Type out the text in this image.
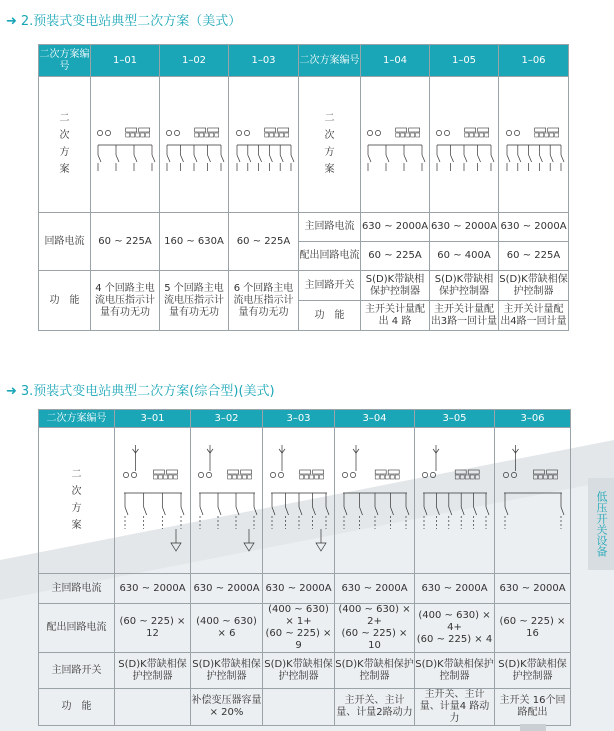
➜ 2.预装式变电站典型二次方案（美式）
二次方案编号	1–01	1–02	1–03

二
次
方
案

回路电流	60 ~ 225A	160 ~ 630A	60 ~ 225A
功　能	4 个回路主电流电压指示计量有功无功	5 个回路主电流电压指示计量有功无功	6 个回路主电流电压指示计量有功无功
二次方案编号	1–04	1–05	1–06

二
次
方
案

主回路电流	630 ~ 2000A	630 ~ 2000A	630 ~ 2000A
配出回路电流	60 ~ 225A	60 ~ 400A	60 ~ 225A
主回路开关	S(D)K带缺相保护控制器	S(D)K带缺相保护控制器	S(D)K带缺相保护控制器
功　能	主开关计量配出 4 路	主开关计量配出3路一回计量	主开关计量配出4路一回计量
➜ 3.预装式变电站典型二次方案(综合型)(美式)
二次方案编号	3–01	3–02	3–03	3–04	3–05	3–06

二
次
方
案

主回路电流	630 ~ 2000A	630 ~ 2000A	630 ~ 2000A	630 ~ 2000A	630 ~ 2000A	630 ~ 2000A
配出回路电流	(60 ~ 225) × 12	(400 ~ 630) × 6	(400 ~ 630) × 1+
(60 ~ 225) × 9	(400 ~ 630) × 2+
(60 ~ 225) × 10	(400 ~ 630) × 4+
(60 ~ 225) × 4	(60 ~ 225) × 16
主回路开关	S(D)K带缺相保护控制器	S(D)K带缺相保护控制器	S(D)K带缺相保护控制器	S(D)K带缺相保护控制器	S(D)K带缺相保护控制器	S(D)K带缺相保护控制器
功　能		补偿变压器容量 × 20%		主开关、主计量、计量2路动力	主开关、主计量、计量4 路动力	主开关 16个回路配出
低压开关设备
